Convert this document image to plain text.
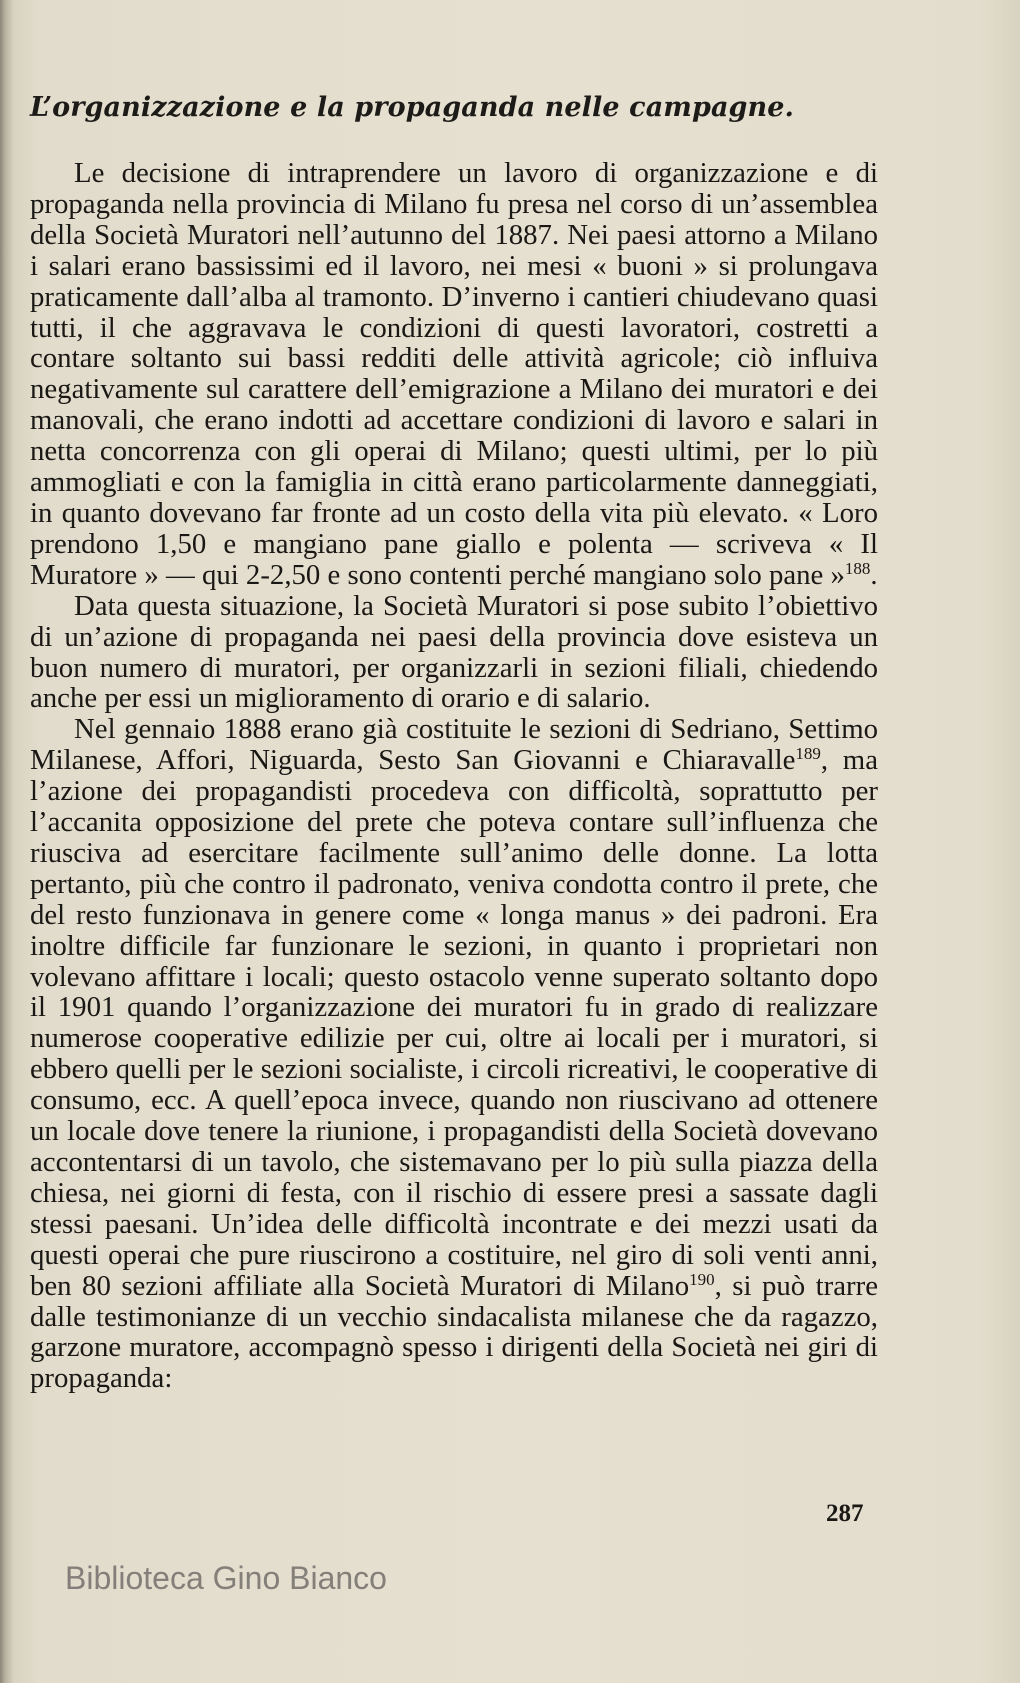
L’organizzazione e la propaganda nelle campagne.

Le decisione di intraprendere un lavoro di organizzazione e di propaganda nella provincia di Milano fu presa nel corso di un’assemblea della Società Muratori nell’autunno del 1887. Nei paesi attorno a Milano i salari erano bassissimi ed il lavoro, nei mesi « buoni » si prolungava praticamente dall’alba al tramonto. D’inverno i cantieri chiudevano quasi tutti, il che aggravava le condizioni di questi lavoratori, costretti a contare soltanto sui bassi redditi delle attività agricole; ciò influiva negativamente sul carattere dell’emigrazione a Milano dei muratori e dei manovali, che erano indotti ad accettare condizioni di lavoro e salari in netta concorrenza con gli operai di Milano; questi ultimi, per lo più ammogliati e con la famiglia in città erano particolarmente danneggiati, in quanto dovevano far fronte ad un costo della vita più elevato. « Loro prendono 1,50 e mangiano pane giallo e polenta — scriveva « Il Muratore » — qui 2-2,50 e sono contenti perché mangiano solo pane »$^{188}$.

Data questa situazione, la Società Muratori si pose subito l’obiettivo di un’azione di propaganda nei paesi della provincia dove esisteva un buon numero di muratori, per organizzarli in sezioni filiali, chiedendo anche per essi un miglioramento di orario e di salario.

Nel gennaio 1888 erano già costituite le sezioni di Sedriano, Settimo Milanese, Affori, Niguarda, Sesto San Giovanni e Chiaravalle$^{189}$, ma l’azione dei propagandisti procedeva con difficoltà, soprattutto per l’accanita opposizione del prete che poteva contare sull’influenza che riusciva ad esercitare facilmente sull’animo delle donne. La lotta pertanto, più che contro il padronato, veniva condotta contro il prete, che del resto funzionava in genere come « longa manus » dei padroni. Era inoltre difficile far funzionare le sezioni, in quanto i proprietari non volevano affittare i locali; questo ostacolo venne superato soltanto dopo il 1901 quando l’organizzazione dei muratori fu in grado di realizzare numerose cooperative edilizie per cui, oltre ai locali per i muratori, si ebbero quelli per le sezioni socialiste, i circoli ricreativi, le cooperative di consumo, ecc. A quell’epoca invece, quando non riuscivano ad ottenere un locale dove tenere la riunione, i propagandisti della Società dovevano accontentarsi di un tavolo, che sistemavano per lo più sulla piazza della chiesa, nei giorni di festa, con il rischio di essere presi a sassate dagli stessi paesani. Un’idea delle difficoltà incontrate e dei mezzi usati da questi operai che pure riuscirono a costituire, nel giro di soli venti anni, ben 80 sezioni affiliate alla Società Muratori di Milano$^{190}$, si può trarre dalle testimonianze di un vecchio sindacalista milanese che da ragazzo, garzone muratore, accompagnò spesso i dirigenti della Società nei giri di propaganda:

287
Biblioteca Gino Bianco
